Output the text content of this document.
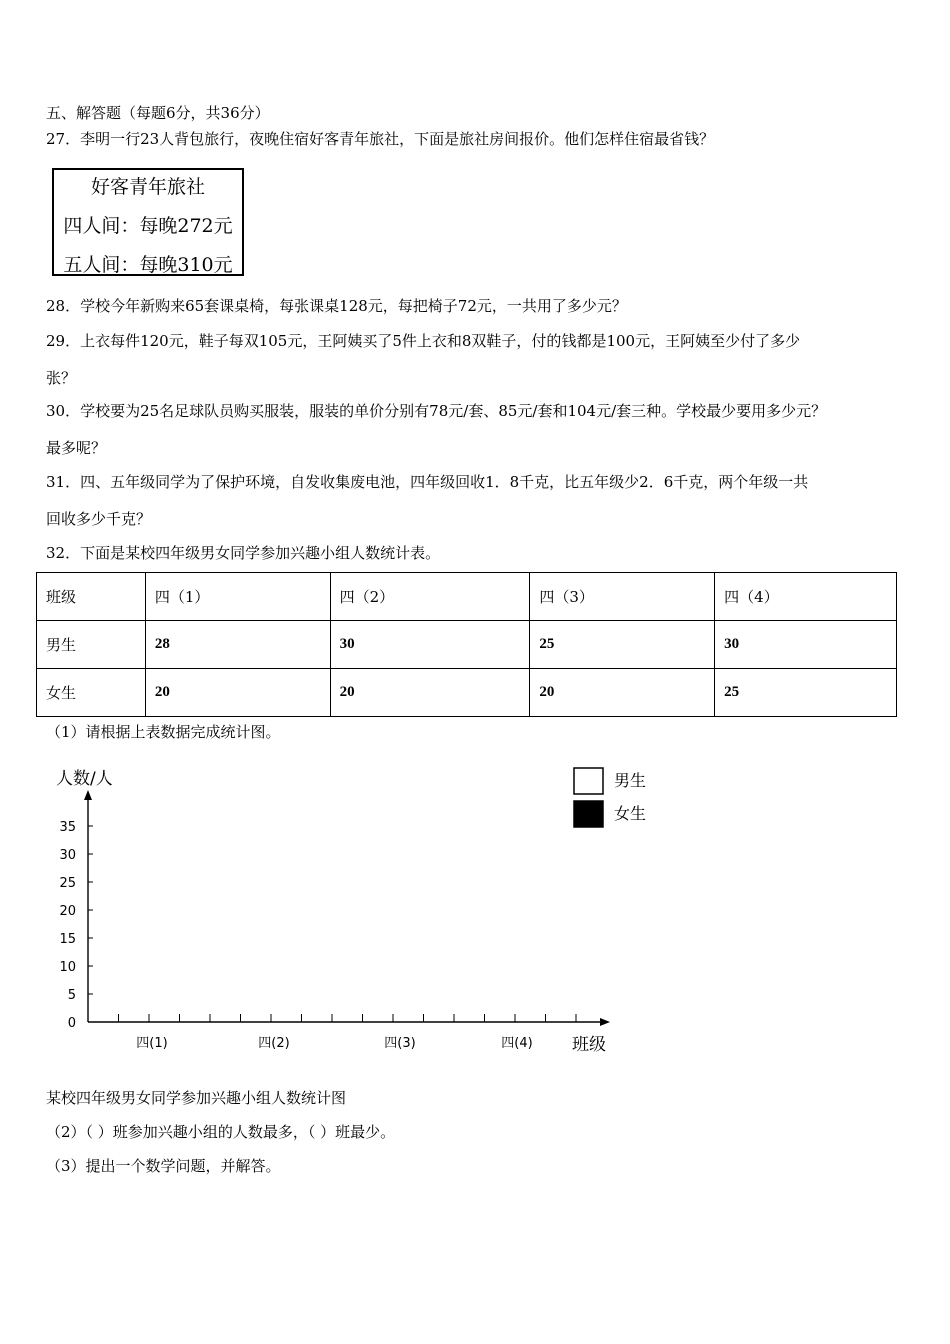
五、解答题（每题6分，共36分）
27．李明一行23人背包旅行，夜晚住宿好客青年旅社，下面是旅社房间报价。他们怎样住宿最省钱？
好客青年旅社
四人间：每晚272元
五人间：每晚310元
28．学校今年新购来65套课桌椅，每张课桌128元，每把椅子72元，一共用了多少元？
29．上衣每件120元，鞋子每双105元，王阿姨买了5件上衣和8双鞋子，付的钱都是100元，王阿姨至少付了多少
张？
30．学校要为25名足球队员购买服装，服装的单价分别有78元/套、85元/套和104元/套三种。学校最少要用多少元？
最多呢？
31．四、五年级同学为了保护环境，自发收集废电池，四年级回收1．8千克，比五年级少2．6千克，两个年级一共
回收多少千克？
32．下面是某校四年级男女同学参加兴趣小组人数统计表。
班级	四（1）	四（2）	四（3）	四（4）
男生	28	30	25	30
女生	20	20	20	25
（1）请根据上表数据完成统计图。
人数/人
班级
0
5
10
15
20
25
30
35
四(1)	四(2)	四(3)	四(4)
男生
女生
某校四年级男女同学参加兴趣小组人数统计图
（2）（ ）班参加兴趣小组的人数最多，（ ）班最少。
（3）提出一个数学问题，并解答。
